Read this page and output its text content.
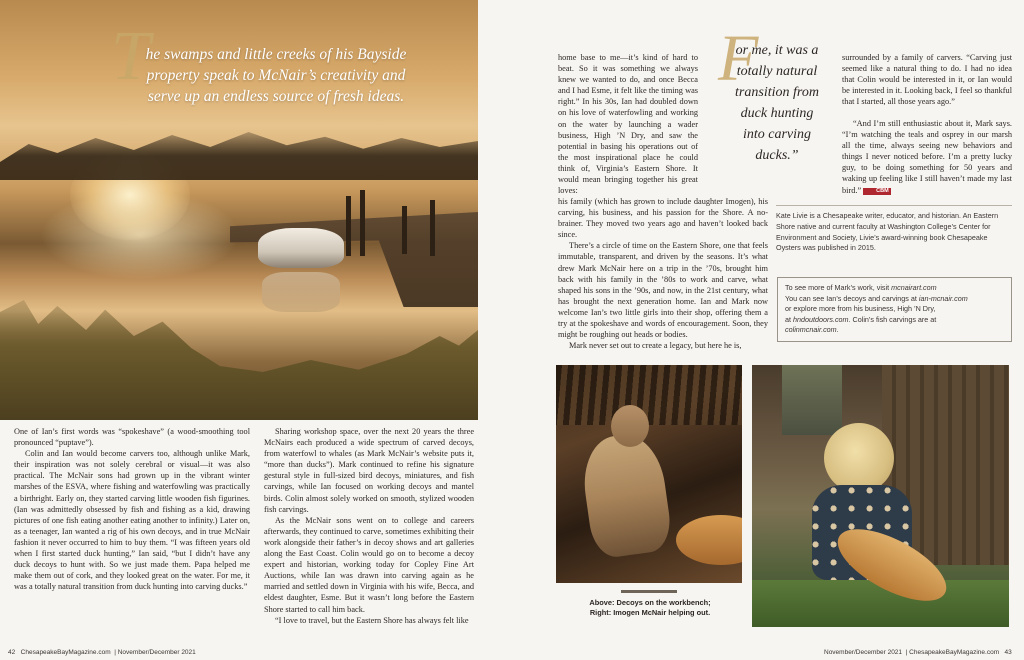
T
he swamps and little creeks of his Bayside property speak to McNair’s creativity and serve up an endless source of fresh ideas.

One of Ian’s first words was “spokeshave” (a wood-smoothing tool pronounced “puptave”).

Colin and Ian would become carvers too, although unlike Mark, their inspiration was not solely cerebral or visual—it was also practical. The McNair sons had grown up in the vibrant winter marshes of the ESVA, where fishing and waterfowling was practically a birthright. Early on, they started carving little wooden fish figurines. (Ian was admittedly obsessed by fish and fishing as a kid, drawing pictures of one fish eating another eating another to infinity.) Later on, as a teenager, Ian wanted a rig of his own decoys, and in true McNair fashion it never occurred to him to buy them. “I was fifteen years old when I first started duck hunting,” Ian said, “but I didn’t have any duck decoys to hunt with. So we just made them. Papa helped me make them out of cork, and they looked great on the water. For me, it was a totally natural transition from duck hunting into carving ducks.”

Sharing workshop space, over the next 20 years the three McNairs each produced a wide spectrum of carved decoys, from waterfowl to whales (as Mark McNair’s website puts it, “more than ducks”). Mark continued to refine his signature gestural style in full-sized bird decoys, miniatures, and fish carvings, while Ian focused on working decoys and mantel birds. Colin almost solely worked on smooth, stylized wooden fish carvings.

As the McNair sons went on to college and careers afterwards, they continued to carve, sometimes exhibiting their work alongside their father’s in decoy shows and art galleries along the East Coast. Colin would go on to become a decoy expert and historian, working today for Copley Fine Art Auctions, while Ian was drawn into carving again as he married and settled down in Virginia with his wife, Becca, and eldest daughter, Esme. But it wasn’t long before the Eastern Shore started to call him back.

“I love to travel, but the Eastern Shore has always felt like

42 ChesapeakeBayMagazine.com  | November/December 2021

home base to me—it’s kind of hard to beat. So it was something we always knew we wanted to do, and once Becca and I had Esme, it felt like the timing was right.” In his 30s, Ian had doubled down on his love of waterfowling and working on the water by launching a wader business, High ’N Dry, and saw the potential in basing his operations out of the most inspirational place he could think of, Virginia’s Eastern Shore. It would mean bringing together his great loves:

his family (which has grown to include daughter Imogen), his carving, his business, and his passion for the Shore. A no-brainer. They moved two years ago and haven’t looked back since.

There’s a circle of time on the Eastern Shore, one that feels immutable, transparent, and driven by the seasons. It’s what drew Mark McNair here on a trip in the ’70s, brought him back with his family in the ’80s to work and carve, what shaped his sons in the ’90s, and now, in the 21st century, what has brought the next generation home. Ian and Mark now welcome Ian’s two little girls into their shop, offering them a try at the spokeshave and words of encouragement. Soon, they might be roughing out heads or bodies.

Mark never set out to create a legacy, but here he is,

F
or me, it was a totally natural transition from duck hunting into carving ducks.”

surrounded by a family of carvers. “Carving just seemed like a natural thing to do. I had no idea that Colin would be interested in it, or Ian would be interested in it. Looking back, I feel so thankful that I started, all those years ago.”

“And I’m still enthusiastic about it, Mark says. “I’m watching the teals and osprey in our marsh all the time, always seeing new behaviors and things I never noticed before. I’m a pretty lucky guy, to be doing something for 50 years and waking up feeling like I still haven’t made my last bird.”	CBM

Kate Livie is a Chesapeake writer, educator, and historian. An Eastern Shore native and current faculty at Washington College’s Center for Environment and Society, Livie’s award-winning book Chesapeake Oysters was published in 2015.
To see more of Mark’s work, visit mcnairart.com
You can see Ian’s decoys and carvings at ian-mcnair.com
or explore more from his business, High ’N Dry,
at hndoutdoors.com. Colin’s fish carvings are at
colinmcnair.com.
Above: Decoys on the workbench;
Right: Imogen McNair helping out.
November/December 2021  | ChesapeakeBayMagazine.com 43
